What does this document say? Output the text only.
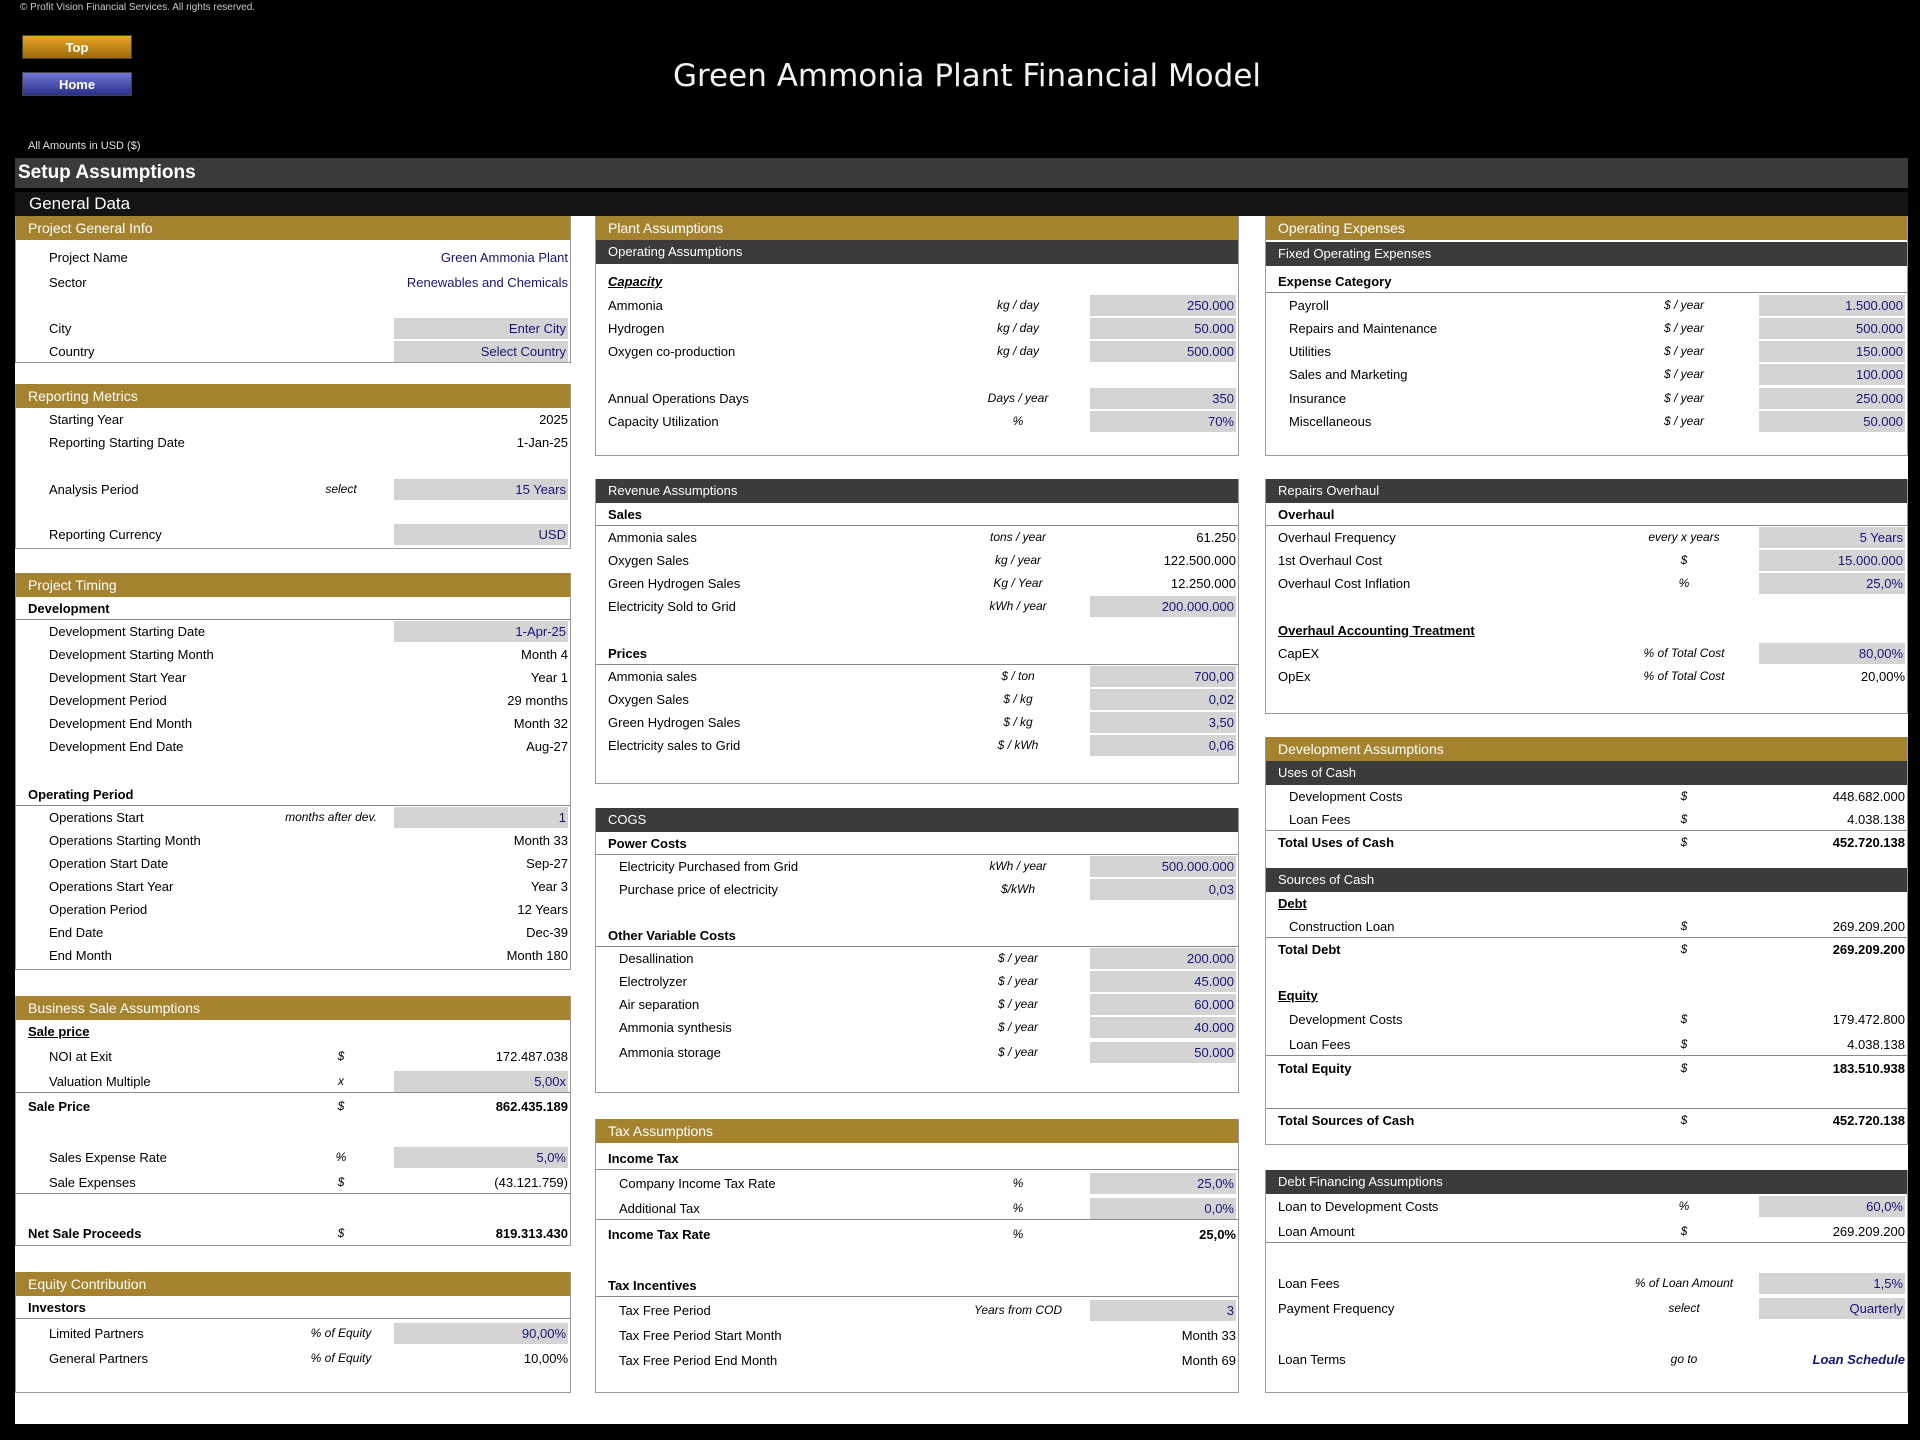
© Profit Vision Financial Services. All rights reserved.
Top
Home	Green Ammonia Plant Financial Model
All Amounts in USD ($)
Setup Assumptions
General Data
Project General Info
Project Name	Green Ammonia Plant
Sector	Renewables and Chemicals
City	Enter City
Country	Select Country
Reporting Metrics
Starting Year	2025
Reporting Starting Date	1-Jan-25
Analysis Period	select	15 Years
Reporting Currency	USD
Project Timing
Development
Development Starting Date	1-Apr-25
Development Starting Month	Month 4
Development Start Year	Year 1
Development Period	29 months
Development End Month	Month 32
Development End Date	Aug-27
Operating Period
Operations Start	months after dev.	1
Operations Starting Month	Month 33
Operation Start Date	Sep-27
Operations Start Year	Year 3
Operation Period	12 Years
End Date	Dec-39
End Month	Month 180
Business Sale Assumptions
Sale price
NOI at Exit	$	172.487.038
Valuation Multiple	x	5,00x
Sale Price	$	862.435.189
Sales Expense Rate	%	5,0%
Sale Expenses	$	(43.121.759)
Net Sale Proceeds	$	819.313.430
Equity Contribution
Investors
Limited Partners	% of Equity	90,00%
General Partners	% of Equity	10,00%
Plant Assumptions
Operating Assumptions
Capacity
Ammonia	kg / day	250.000
Hydrogen	kg / day	50.000
Oxygen co-production	kg / day	500.000
Annual Operations Days	Days / year	350
Capacity Utilization	%	70%
Revenue Assumptions
Sales
Ammonia sales	tons / year	61.250
Oxygen Sales	kg / year	122.500.000
Green Hydrogen Sales	Kg / Year	12.250.000
Electricity Sold to Grid	kWh / year	200.000.000
Prices
Ammonia sales	$ / ton	700,00
Oxygen Sales	$ / kg	0,02
Green Hydrogen Sales	$ / kg	3,50
Electricity sales to Grid	$ / kWh	0,06
COGS
Power Costs
Electricity Purchased from Grid	kWh / year	500.000.000
Purchase price of electricity	$/kWh	0,03
Other Variable Costs
Desallination	$ / year	200.000
Electrolyzer	$ / year	45.000
Air separation	$ / year	60.000
Ammonia synthesis	$ / year	40.000
Ammonia storage	$ / year	50.000
Tax Assumptions
Income Tax
Company Income Tax Rate	%	25,0%
Additional Tax	%	0,0%
Income Tax Rate	%	25,0%
Tax Incentives
Tax Free Period	Years from COD	3
Tax Free Period Start Month	Month 33
Tax Free Period End Month	Month 69
Operating Expenses
Fixed Operating Expenses
Expense Category
Payroll	$ / year	1.500.000
Repairs and Maintenance	$ / year	500.000
Utilities	$ / year	150.000
Sales and Marketing	$ / year	100.000
Insurance	$ / year	250.000
Miscellaneous	$ / year	50.000
Repairs Overhaul
Overhaul
Overhaul Frequency	every x years	5 Years
1st Overhaul Cost	$	15.000.000
Overhaul Cost Inflation	%	25,0%
Overhaul Accounting Treatment
CapEX	% of Total Cost	80,00%
OpEx	% of Total Cost	20,00%
Development Assumptions
Uses of Cash
Development Costs	$	448.682.000
Loan Fees	$	4.038.138
Total Uses of Cash	$	452.720.138
Sources of Cash
Debt
Construction Loan	$	269.209.200
Total Debt	$	269.209.200
Equity
Development Costs	$	179.472.800
Loan Fees	$	4.038.138
Total Equity	$	183.510.938
Total Sources of Cash	$	452.720.138
Debt Financing Assumptions
Loan to Development Costs	%	60,0%
Loan Amount	$	269.209.200
Loan Fees	% of Loan Amount	1,5%
Payment Frequency	select	Quarterly
Loan Terms	go to	Loan Schedule
